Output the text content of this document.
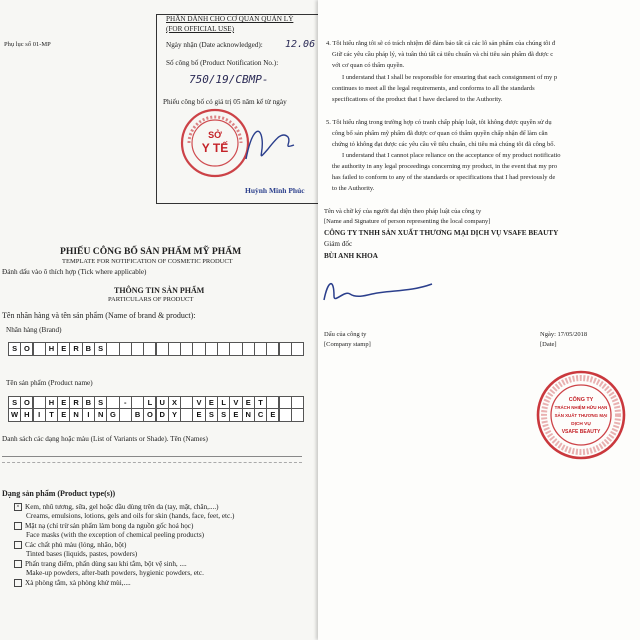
Phụ lục số 01-MP
PHẦN DÀNH CHO CƠ QUAN QUẢN LÝ
(FOR OFFICIAL USE)
Ngày nhận (Date acknowledged): 12.06
Số công bố (Product Notification No.):
750/19/CBMP-
Phiếu công bố có giá trị 05 năm kể từ ngày
SỞ
Y TẾ
Huỳnh Minh Phúc
PHIẾU CÔNG BỐ SẢN PHẨM MỸ PHẨM
TEMPLATE FOR NOTIFICATION OF COSMETIC PRODUCT
Đánh dấu vào ô thích hợp (Tick where applicable)
THÔNG TIN SẢN PHẨM
PARTICULARS OF PRODUCT
Tên nhãn hàng và tên sản phẩm (Name of brand & product):
Nhãn hàng (Brand)
S O	H E R B S
Tên sản phẩm (Product name)
S O	H E R B S	-	L U X	V E	L V E	T
W H	I	T E N	I	N G	B O D Y	E S S E N C E
Danh sách các dạng hoặc màu (List of Variants or Shade). Tên (Names)
Dạng sản phẩm (Product type(s))
× Kem, nhũ tương, sữa, gel hoặc dầu dùng trên da (tay, mặt, chân,....)
Creams, emulsions, lotions, gels and oils for skin (hands, face, feet, etc.)
Mặt nạ (chỉ trừ sản phẩm làm bong da nguồn gốc hoá học)
Face masks (with the exception of chemical peeling products)
Các chất phủ màu (lỏng, nhão, bột)
Tinted bases (liquids, pastes, powders)
Phấn trang điểm, phấn dùng sau khi tắm, bột vệ sinh, ....
Make-up powders, after-bath powders, hygienic powders, etc.
Xà phòng tắm, xà phòng khử mùi,....
4. Tôi hiểu rằng tôi sẽ có trách nhiệm để đảm bảo tất cả các lô sản phẩm của chúng tôi đ
Giữ các yêu cầu pháp lý, và tuân thủ tất cả tiêu chuẩn và chỉ tiêu sản phẩm đã được c
với cơ quan có thẩm quyền.
I understand that I shall be responsible for ensuring that each consignment of my p
continues to meet all the legal requirements, and conforms to all the standards
specifications of the product that I have declared to the Authority.
5. Tôi hiểu rằng trong trường hợp có tranh chấp pháp luật, tôi không được quyền sử dụ
công bố sản phẩm mỹ phẩm đã được cơ quan có thẩm quyền chấp nhận để làm căn
chứng tỏ không đạt được các yêu cầu về tiêu chuẩn, chỉ tiêu mà chúng tôi đã công bố.
I understand that I cannot place reliance on the acceptance of my product notificatio
the authority in any legal proceedings concerning my product, in the event that my pro
has failed to conform to any of the standards or specifications that I had previously de
to the Authority.
Tên và chữ ký của người đại diện theo pháp luật của công ty
[Name and Signature of person representing the local company]
CÔNG TY TNHH SẢN XUẤT THƯƠNG MẠI DỊCH VỤ VSAFE BEAUTY
Giám đốc
BÙI ANH KHOA
Dấu của công ty
[Company stamp]
Ngày: 17/05/2018
[Date]
CÔNG TY
TRÁCH NHIỆM HỮU HẠN
SẢN XUẤT THƯƠNG MẠI
DỊCH VỤ
VSAFE BEAUTY
